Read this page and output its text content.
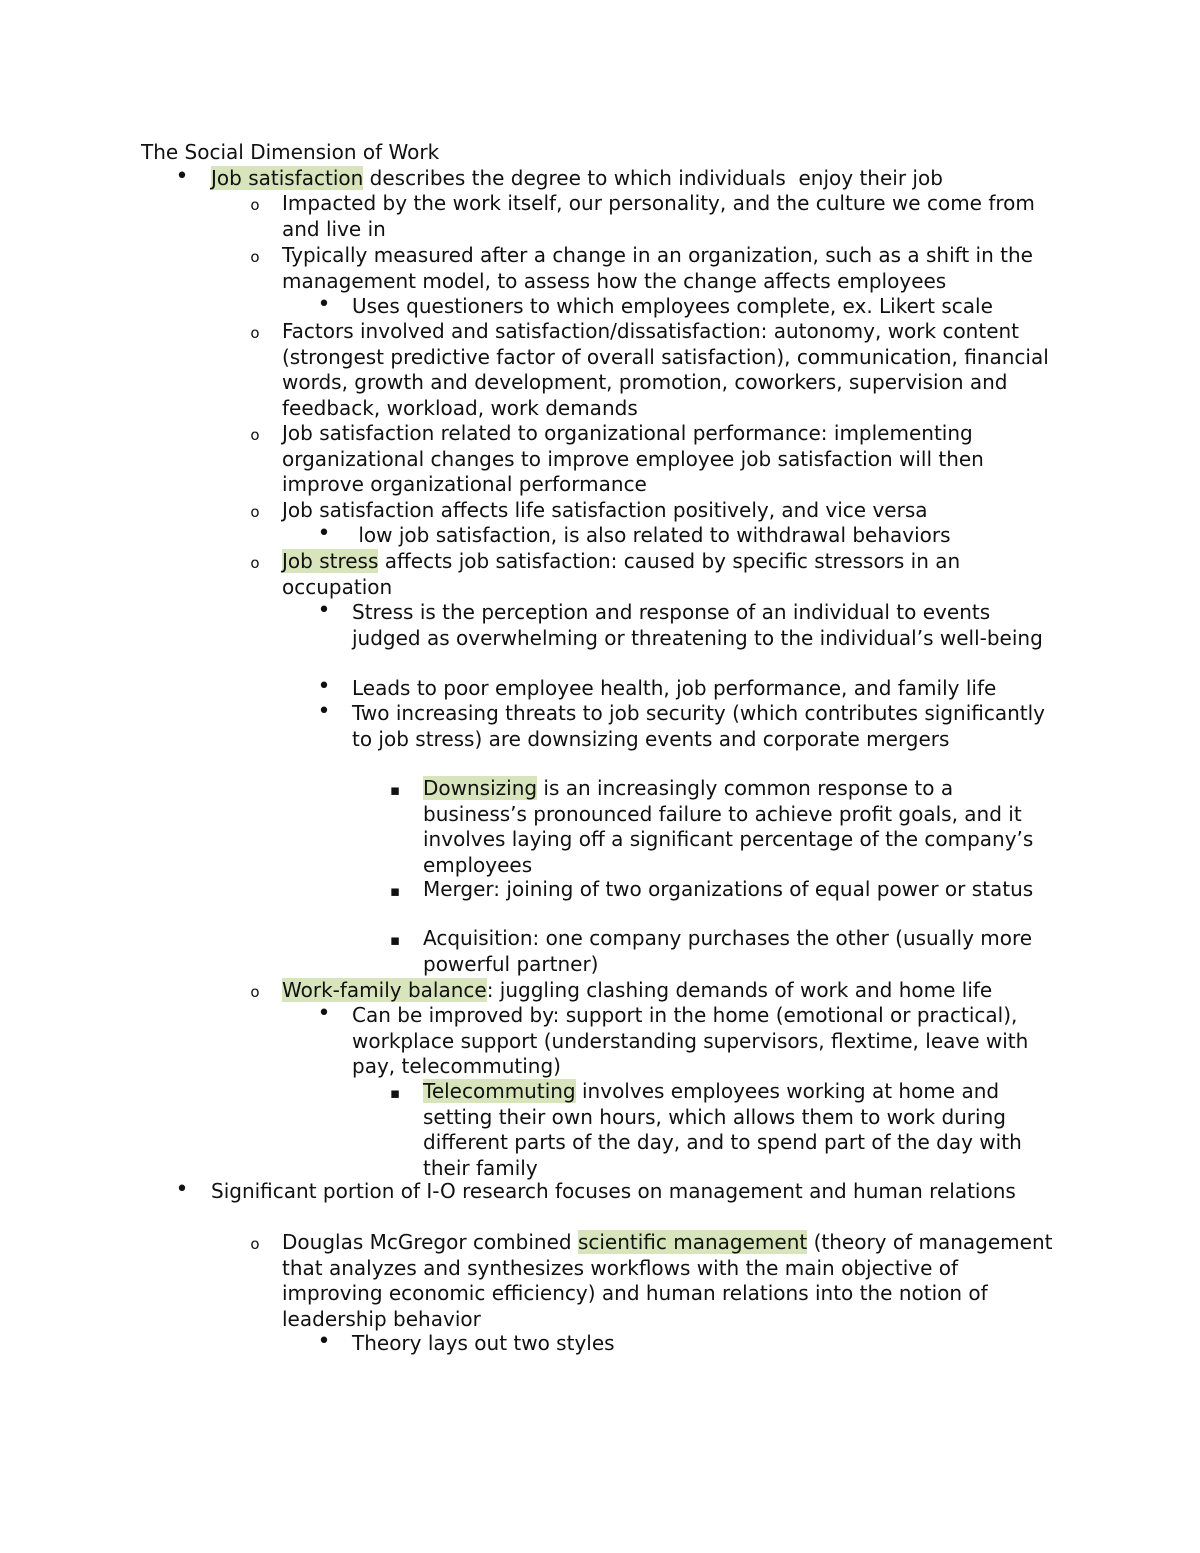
The Social Dimension of Work
•
Job satisfaction describes the degree to which individuals  enjoy their job
o
Impacted by the work itself, our personality, and the culture we come from and live in
o
Typically measured after a change in an organization, such as a shift in the management model, to assess how the change affects employees
•
Uses questioners to which employees complete, ex. Likert scale
o
Factors involved and satisfaction/dissatisfaction: autonomy, work content (strongest predictive factor of overall satisfaction), communication, financial words, growth and development, promotion, coworkers, supervision and feedback, workload, work demands
o
Job satisfaction related to organizational performance: implementing organizational changes to improve employee job satisfaction will then improve organizational performance
o
Job satisfaction affects life satisfaction positively, and vice versa
•
low job satisfaction, is also related to withdrawal behaviors
o
Job stress affects job satisfaction: caused by specific stressors in an occupation
•
Stress is the perception and response of an individual to events judged as overwhelming or threatening to the individual’s well-being
•
Leads to poor employee health, job performance, and family life
•
Two increasing threats to job security (which contributes significantly to job stress) are downsizing events and corporate mergers
▪
Downsizing is an increasingly common response to a business’s pronounced failure to achieve profit goals, and it involves laying off a significant percentage of the company’s employees
▪
Merger: joining of two organizations of equal power or status
▪
Acquisition: one company purchases the other (usually more powerful partner)
o
Work-family balance: juggling clashing demands of work and home life
•
Can be improved by: support in the home (emotional or practical), workplace support (understanding supervisors, flextime, leave with pay, telecommuting)
▪
Telecommuting involves employees working at home and setting their own hours, which allows them to work during different parts of the day, and to spend part of the day with their family
•
Significant portion of I-O research focuses on management and human relations
o
Douglas McGregor combined scientific management (theory of management that analyzes and synthesizes workflows with the main objective of improving economic efficiency) and human relations into the notion of leadership behavior
•
Theory lays out two styles
